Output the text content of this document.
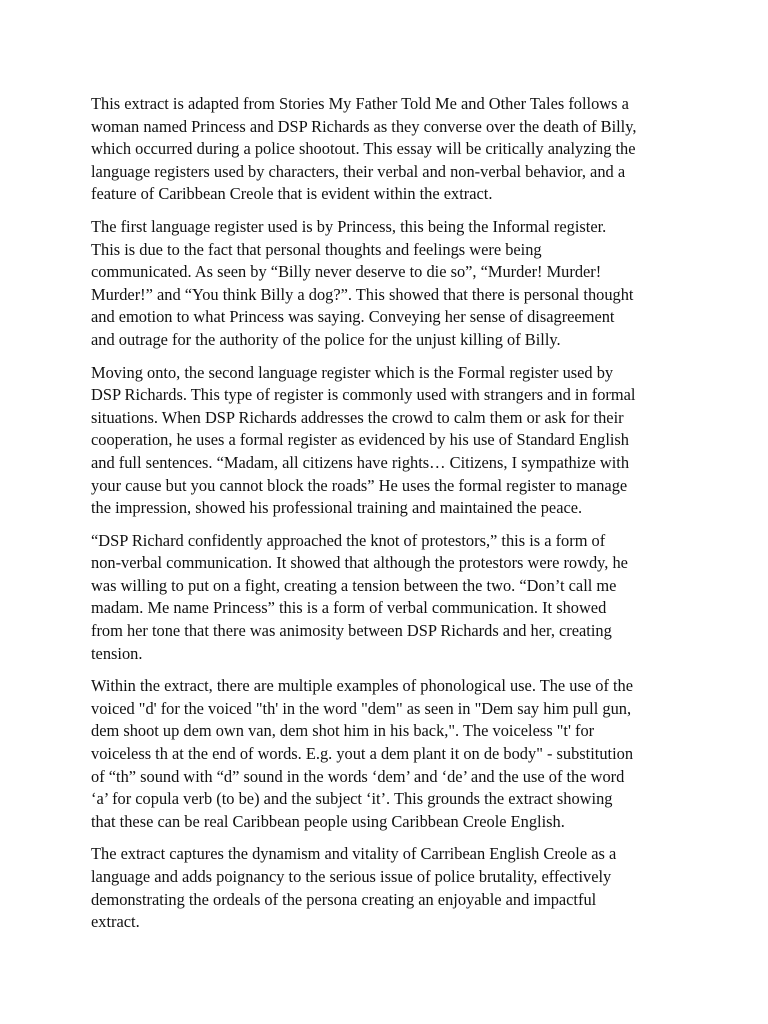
This extract is adapted from Stories My Father Told Me and Other Tales follows a
woman named Princess and DSP Richards as they converse over the death of Billy,
which occurred during a police shootout. This essay will be critically analyzing the
language registers used by characters, their verbal and non-verbal behavior, and a
feature of Caribbean Creole that is evident within the extract.

The first language register used is by Princess, this being the Informal register.
This is due to the fact that personal thoughts and feelings were being
communicated. As seen by “Billy never deserve to die so”, “Murder! Murder!
Murder!” and “You think Billy a dog?”. This showed that there is personal thought
and emotion to what Princess was saying. Conveying her sense of disagreement
and outrage for the authority of the police for the unjust killing of Billy.

Moving onto, the second language register which is the Formal register used by
DSP Richards. This type of register is commonly used with strangers and in formal
situations. When DSP Richards addresses the crowd to calm them or ask for their
cooperation, he uses a formal register as evidenced by his use of Standard English
and full sentences. “Madam, all citizens have rights… Citizens, I sympathize with
your cause but you cannot block the roads” He uses the formal register to manage
the impression, showed his professional training and maintained the peace.

“DSP Richard confidently approached the knot of protestors,” this is a form of
non-verbal communication. It showed that although the protestors were rowdy, he
was willing to put on a fight, creating a tension between the two. “Don’t call me
madam. Me name Princess” this is a form of verbal communication. It showed
from her tone that there was animosity between DSP Richards and her, creating
tension.

Within the extract, there are multiple examples of phonological use. The use of the
voiced "d' for the voiced "th' in the word "dem" as seen in "Dem say him pull gun,
dem shoot up dem own van, dem shot him in his back,". The voiceless "t' for
voiceless th at the end of words. E.g. yout a dem plant it on de body" - substitution
of “th” sound with “d” sound in the words ‘dem’ and ‘de’ and the use of the word
‘a’ for copula verb (to be) and the subject ‘it’. This grounds the extract showing
that these can be real Caribbean people using Caribbean Creole English.

The extract captures the dynamism and vitality of Carribean English Creole as a
language and adds poignancy to the serious issue of police brutality, effectively
demonstrating the ordeals of the persona creating an enjoyable and impactful
extract.
